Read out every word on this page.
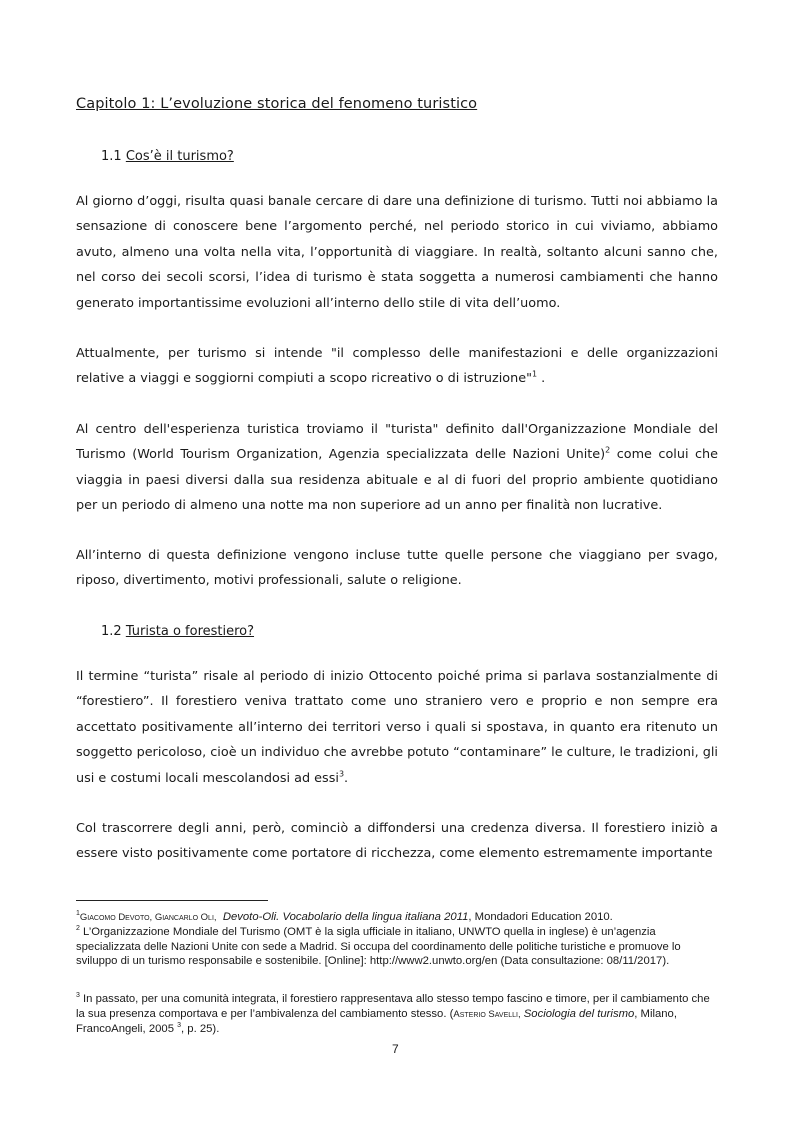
Capitolo 1: L’evoluzione storica del fenomeno turistico
1.1 Cos’è il turismo?

Al giorno d’oggi, risulta quasi banale cercare di dare una definizione di turismo. Tutti noi abbiamo la sensazione di conoscere bene l’argomento perché, nel periodo storico in cui viviamo, abbiamo avuto, almeno una volta nella vita, l’opportunità di viaggiare. In realtà, soltanto alcuni sanno che, nel corso dei secoli scorsi, l’idea di turismo è stata soggetta a numerosi cambiamenti che hanno generato importantissime evoluzioni all’interno dello stile di vita dell’uomo.

Attualmente, per turismo si intende "il complesso delle manifestazioni e delle organizzazioni relative a viaggi e soggiorni compiuti a scopo ricreativo o di istruzione"$^1$ .

Al centro dell'esperienza turistica troviamo il "turista" definito dall'Organizzazione Mondiale del Turismo (World Tourism Organization, Agenzia specializzata delle Nazioni Unite)$^2$ come colui che viaggia in paesi diversi dalla sua residenza abituale e al di fuori del proprio ambiente quotidiano per un periodo di almeno una notte ma non superiore ad un anno per finalità non lucrative.

All’interno di questa definizione vengono incluse tutte quelle persone che viaggiano per svago, riposo, divertimento, motivi professionali, salute o religione.

1.2 Turista o forestiero?

Il termine “turista” risale al periodo di inizio Ottocento poiché prima si parlava sostanzialmente di “forestiero”. Il forestiero veniva trattato come uno straniero vero e proprio e non sempre era accettato positivamente all’interno dei territori verso i quali si spostava, in quanto era ritenuto un soggetto pericoloso, cioè un individuo che avrebbe potuto “contaminare” le culture, le tradizioni, gli usi e costumi locali mescolandosi ad essi$^3$.

Col trascorrere degli anni, però, cominciò a diffondersi una credenza diversa. Il forestiero iniziò a essere visto positivamente come portatore di ricchezza, come elemento estremamente importante

$^1$Giacomo Devoto, Giancarlo Oli, Devoto-Oli. Vocabolario della lingua italiana 2011, Mondadori Education 2010.

$^2$ L’Organizzazione Mondiale del Turismo (OMT è la sigla ufficiale in italiano, UNWTO quella in inglese) è un’agenzia specializzata delle Nazioni Unite con sede a Madrid. Si occupa del coordinamento delle politiche turistiche e promuove lo sviluppo di un turismo responsabile e sostenibile. [Online]: http://www2.unwto.org/en (Data consultazione: 08/11/2017).

$^3$ In passato, per una comunità integrata, il forestiero rappresentava allo stesso tempo fascino e timore, per il cambiamento che la sua presenza comportava e per l’ambivalenza del cambiamento stesso. (Asterio Savelli, Sociologia del turismo, Milano, FrancoAngeli, 2005 $^3$, p. 25).

7
